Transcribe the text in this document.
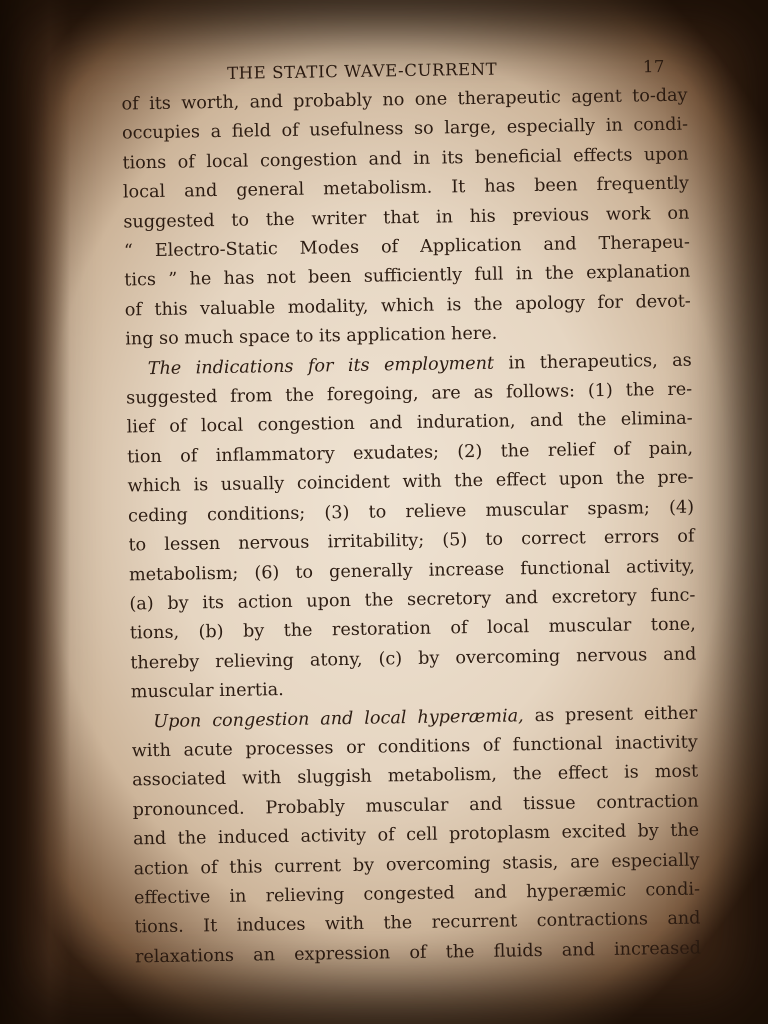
THE STATIC WAVE-CURRENT	17

of its worth, and probably no one therapeutic agent to-day
occupies a field of usefulness so large, especially in condi-
tions of local congestion and in its beneficial effects upon
local and general metabolism. It has been frequently
suggested to the writer that in his previous work on
“ Electro-Static Modes of Application and Therapeu-
tics ” he has not been sufficiently full in the explanation
of this valuable modality, which is the apology for devot-
ing so much space to its application here.

The indications for its employment in therapeutics, as
suggested from the foregoing, are as follows: (1) the re-
lief of local congestion and induration, and the elimina-
tion of inflammatory exudates; (2) the relief of pain,
which is usually coincident with the effect upon the pre-
ceding conditions; (3) to relieve muscular spasm; (4)
to lessen nervous irritability; (5) to correct errors of
metabolism; (6) to generally increase functional activity,
(a) by its action upon the secretory and excretory func-
tions, (b) by the restoration of local muscular tone,
thereby relieving atony, (c) by overcoming nervous and
muscular inertia.

Upon congestion and local hyperæmia, as present either
with acute processes or conditions of functional inactivity
associated with sluggish metabolism, the effect is most
pronounced. Probably muscular and tissue contraction
and the induced activity of cell protoplasm excited by the
action of this current by overcoming stasis, are especially
effective in relieving congested and hyperæmic condi-
tions. It induces with the recurrent contractions and
relaxations an expression of the fluids and increased
